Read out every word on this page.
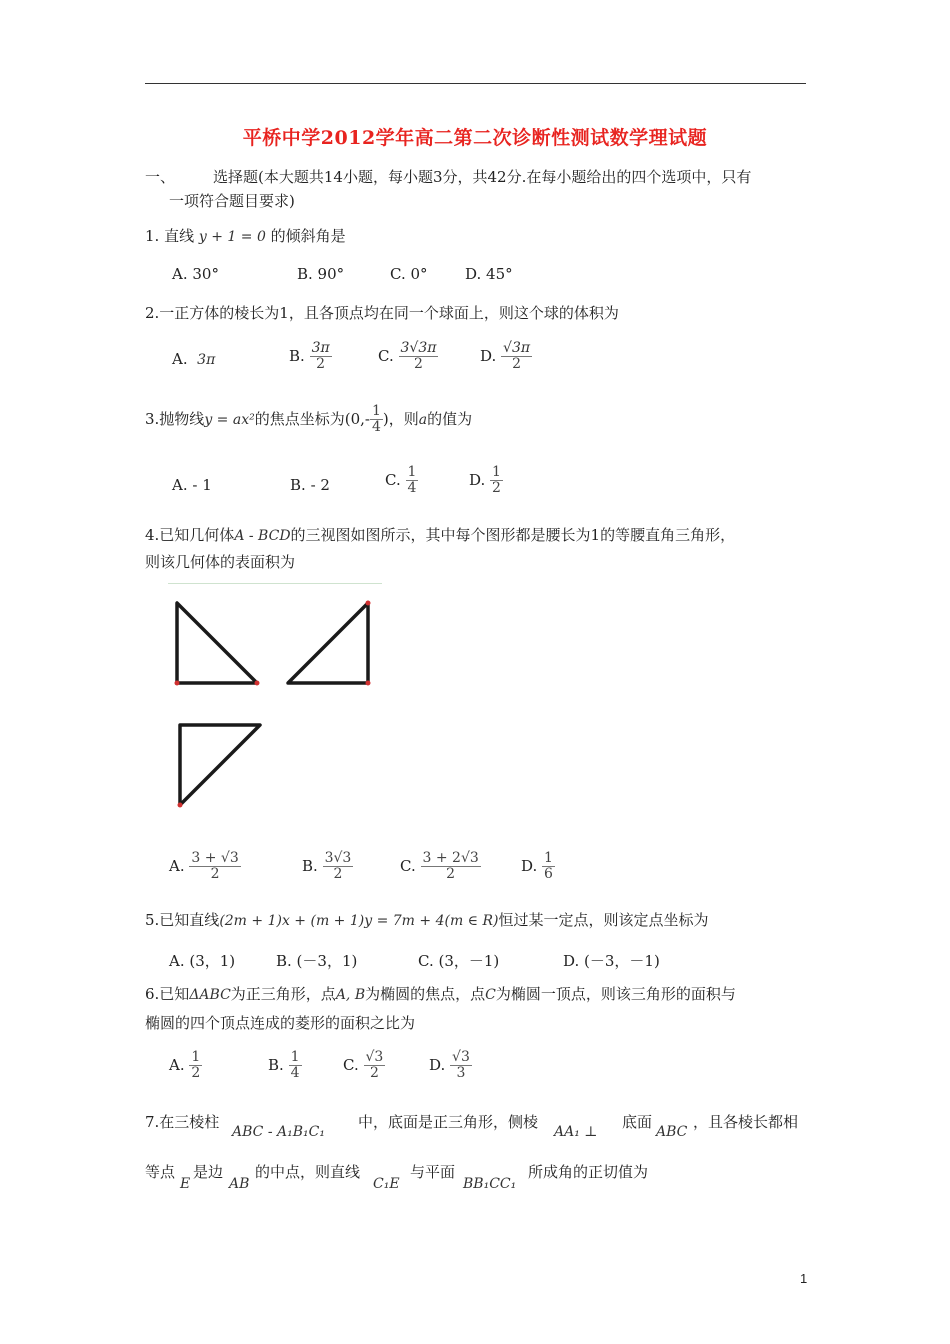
平桥中学2012学年高二第二次诊断性测试数学理试题
一、	选择题(本大题共14小题，每小题3分，共42分.在每小题给出的四个选项中，只有
一项符合题目要求)
1. 直线 y + 1 = 0 的倾斜角是
A. 30°	B. 90°	C. 0° D. 45°
2.一正方体的棱长为1，且各顶点均在同一个球面上，则这个球的体积为
A. 3π	B. $\frac{3\pi}{2}$	C. $\frac{3√3\pi}{2}$	D. $\frac{√3\pi}{2}$
3.抛物线y = ax²的焦点坐标为($0,- \frac{1}{4}$ )，则a的值为
A. - 1	B. - 2	C. $\frac{1}{4}$	D. $\frac{1}{2}$
4.已知几何体A - BCD的三视图如图所示，其中每个图形都是腰长为1的等腰直角三角形，
则该几何体的表面积为
A. $\frac{3 + √3}{2}$	B. $\frac{3√3}{2}$	C. $\frac{3 + 2√3}{2}$	D. $\frac{1}{6}$
5.已知直线(2m + 1)x + (m + 1)y = 7m + 4(m ∈ R)恒过某一定点，则该定点坐标为
A. (3，1)	B. (－3，1)	C. (3，－1)	D. (－3，－1)
6.已知ΔABC为正三角形，点A, B为椭圆的焦点，点C为椭圆一顶点，则该三角形的面积与
椭圆的四个顶点连成的菱形的面积之比为
A. $\frac{1}{2}$	B. $\frac{1}{4}$	C. $\frac{√3}{2}$	D. $\frac{√3}{3}$
7.在三棱柱
ABC - A₁B₁C₁
中，底面是正三角形，侧棱
AA₁ ⊥
底面
ABC
，且各棱长都相
等点
E
是边
AB
的中点，则直线
C₁E
与平面
BB₁CC₁
所成角的正切值为
1
